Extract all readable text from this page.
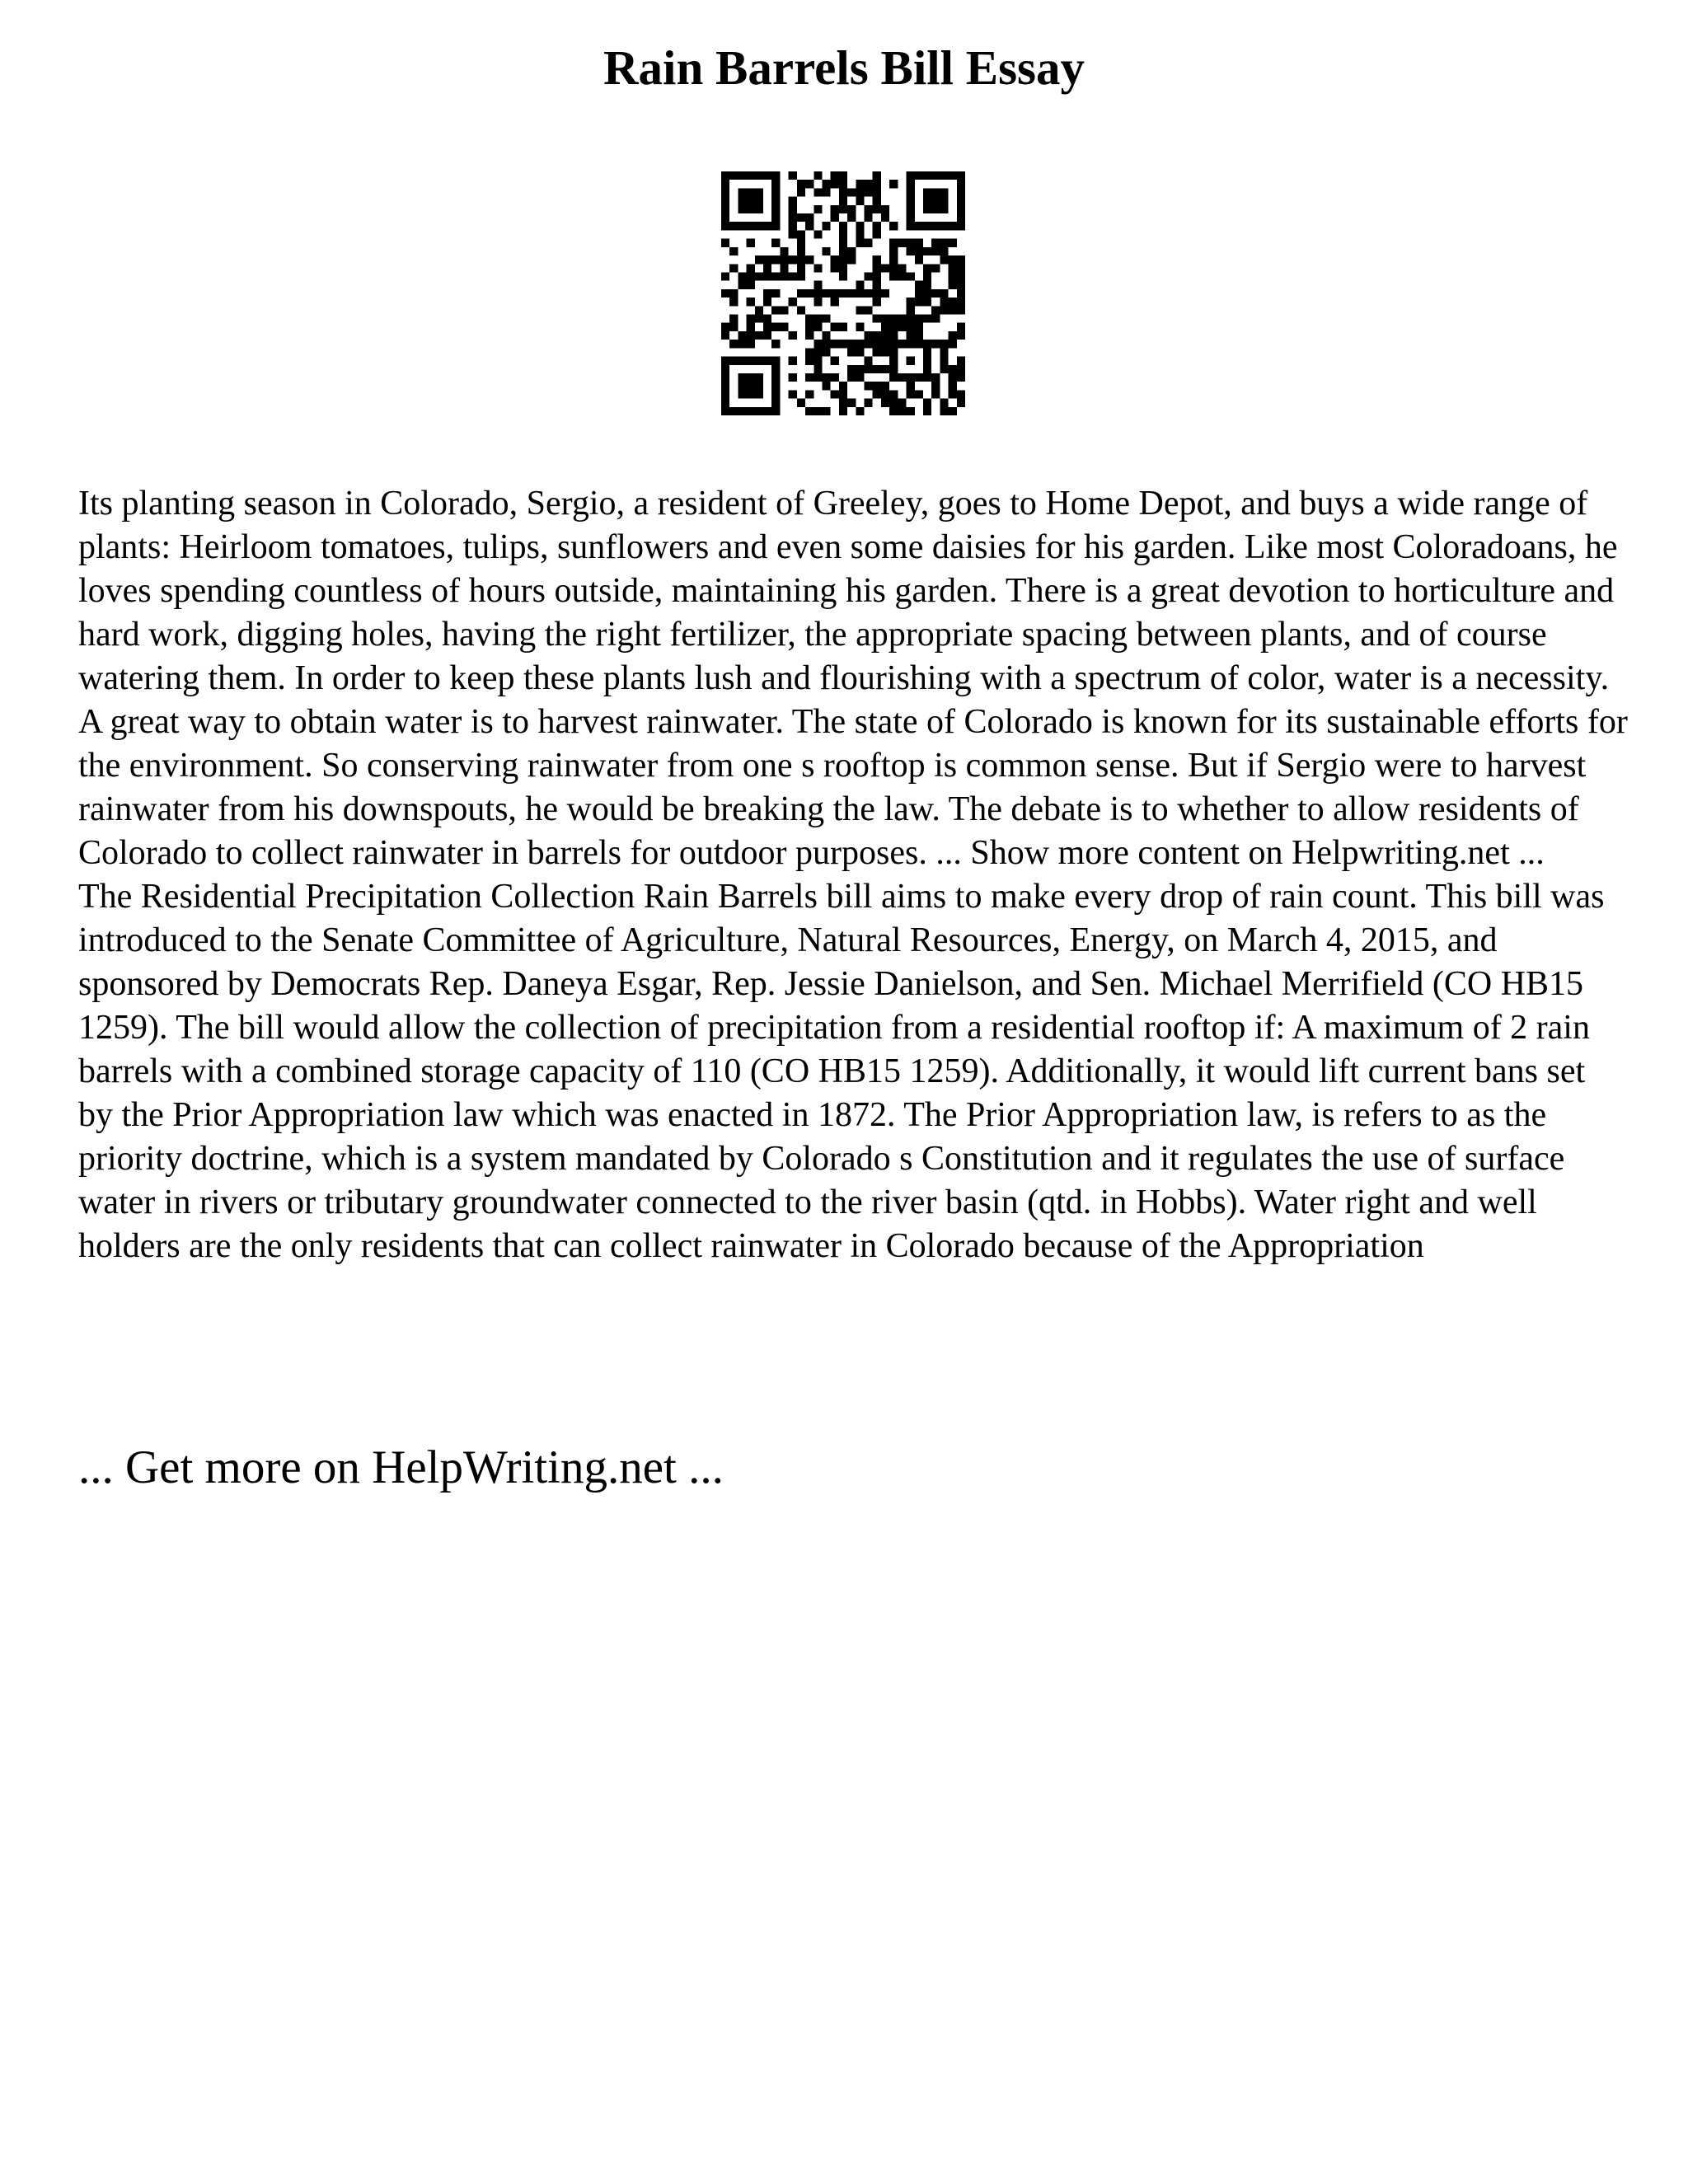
Rain Barrels Bill Essay

Its planting season in Colorado, Sergio, a resident of Greeley, goes to Home Depot, and buys a wide range of plants: Heirloom tomatoes, tulips, sunflowers and even some daisies for his garden. Like most Coloradoans, he loves spending countless of hours outside, maintaining his garden. There is a great devotion to horticulture and hard work, digging holes, having the right fertilizer, the appropriate spacing between plants, and of course watering them. In order to keep these plants lush and flourishing with a spectrum of color, water is a necessity. A great way to obtain water is to harvest rainwater. The state of Colorado is known for its sustainable efforts for the environment. So conserving rainwater from one s rooftop is common sense. But if Sergio were to harvest rainwater from his downspouts, he would be breaking the law. The debate is to whether to allow residents of Colorado to collect rainwater in barrels for outdoor purposes. ... Show more content on Helpwriting.net ...

The Residential Precipitation Collection Rain Barrels bill aims to make every drop of rain count. This bill was introduced to the Senate Committee of Agriculture, Natural Resources, Energy, on March 4, 2015, and sponsored by Democrats Rep. Daneya Esgar, Rep. Jessie Danielson, and Sen. Michael Merrifield (CO HB15 1259). The bill would allow the collection of precipitation from a residential rooftop if: A maximum of 2 rain barrels with a combined storage capacity of 110 (CO HB15 1259). Additionally, it would lift current bans set by the Prior Appropriation law which was enacted in 1872. The Prior Appropriation law, is refers to as the priority doctrine, which is a system mandated by Colorado s Constitution and it regulates the use of surface water in rivers or tributary groundwater connected to the river basin (qtd. in Hobbs). Water right and well holders are the only residents that can collect rainwater in Colorado because of the Appropriation

... Get more on HelpWriting.net ...
